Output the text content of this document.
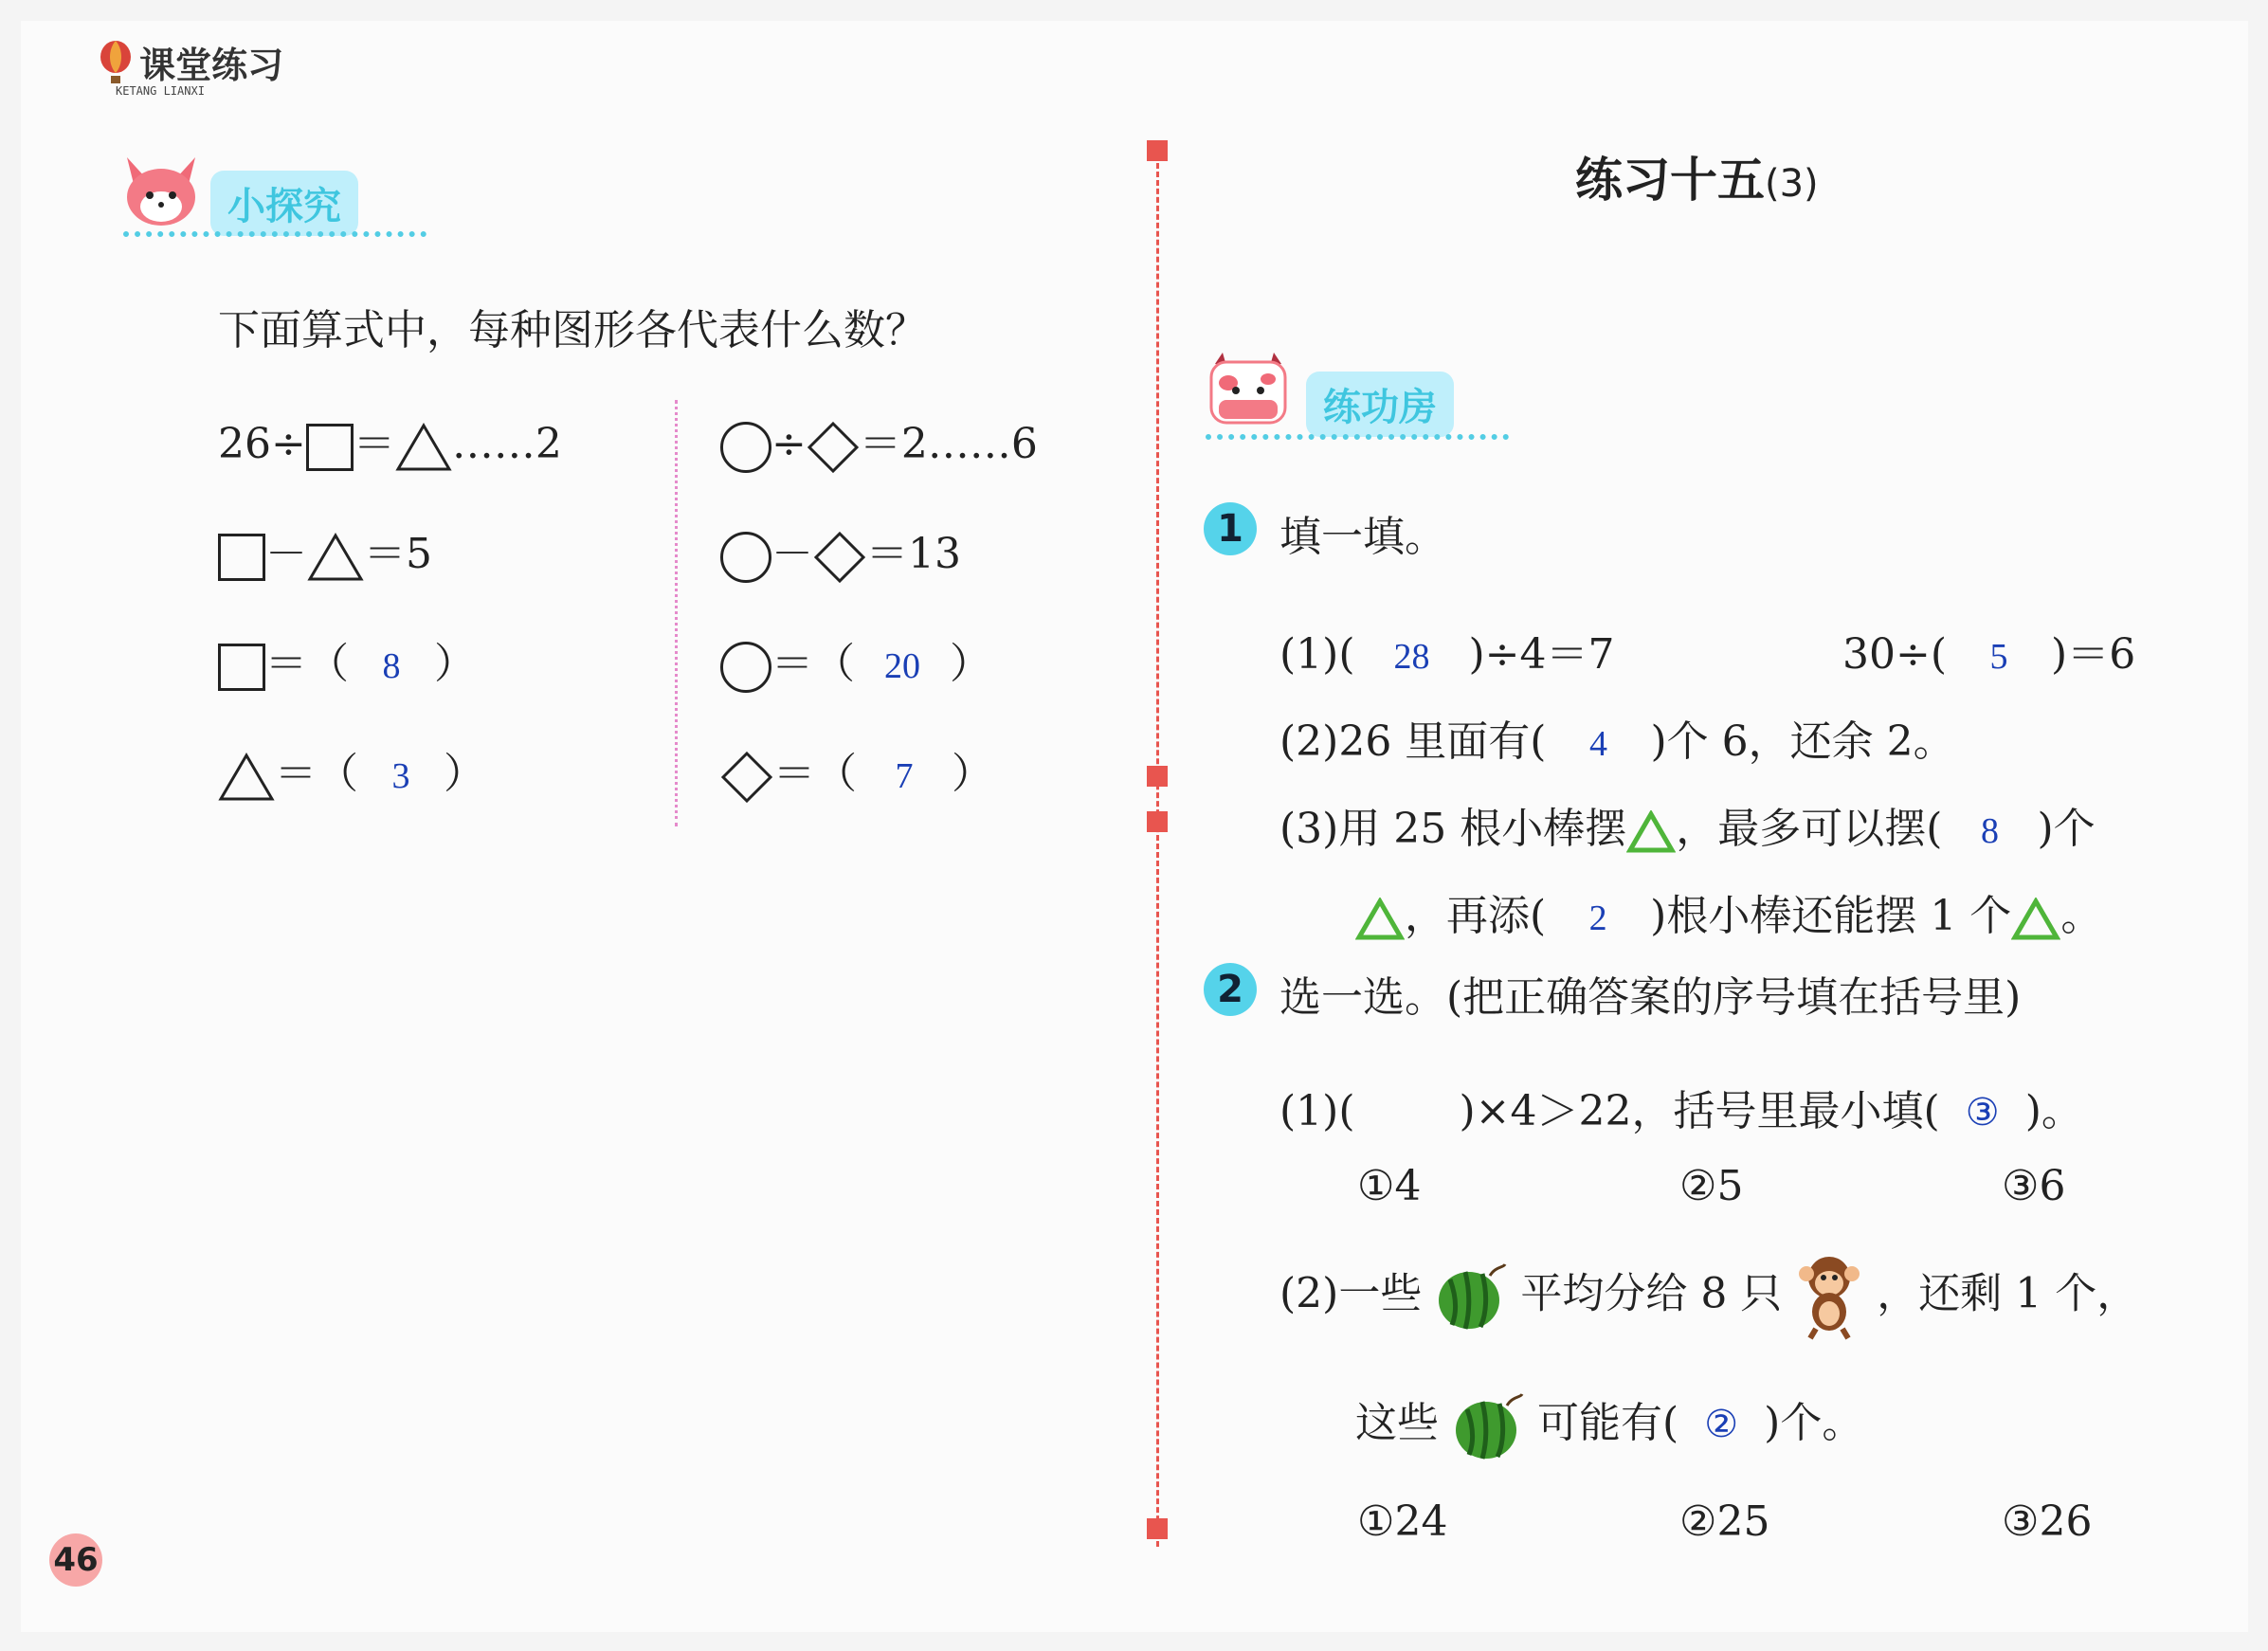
课堂练习
KETANG LIANXI
小探究
下面算式中，每种图形各代表什么数？
26÷ ＝ ……2
－ ＝5
＝（ 8 ）
＝（ 3 ）
÷ ＝2……6
－ ＝13
＝（ 20 ）
＝（ 7 ）
46
练习十五(3)
练功房
1 填一填。
(1)( 28 )÷4＝7	30÷( 5 )＝6
(2)26 里面有( 4 )个 6，还余 2。
(3)用 25 根小棒摆 ，最多可以摆( 8 )个
，再添( 2 )根小棒还能摆 1 个 。
2 选一选。(把正确答案的序号填在括号里)
(1)(	)×4＞22，括号里最小填( ③ )。
①4	②5	③6
(2)一些 平均分给 8 只 ，还剩 1 个，
这些 可能有( ② )个。
①24	②25	③26
